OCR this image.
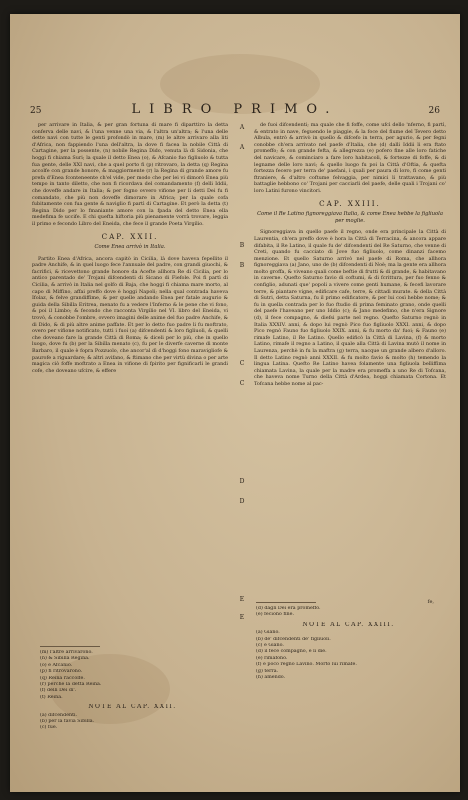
25	LIBRO PRIMO.	26

per arrivare in Italia, & per gran fortuna di mare fi diparttiro la detta conferva delle navi, & l'una venne una via, & l'altra un'altra; & l'una delle dette navi con tutte le genti profondò in mare, (m) le altre arrivaro alla liti d'Africa, non fappiendo l'una dell'altra, la dove fi facea la nobile Città di Cartagine, per la possente, (n) nobile Regina Dido, venuta là di Sidonia, che hoggi fi chiama Suri; la quale il detto Enea (o), & Afcanio fuo figliuolo & tutta fua gente, delle XXI navi, che a quel porto fi (p) ritrovaro, la detta (q) Regina accolfe con grande honore, & maggiormente (r) la Regina di grande amore fu prefa d'Enea fconteneente ch'el vide, per modo che per lei vi dimorò Enea più tempo in tanto diletto, che non fi ricordava del comandamento (f) delli Iddii, che doveffe andare in Italia; & per fogno ovvero vifione per li detti Dei fu fi comandato, che più non doveffe dimorare in Africa; per la quale cofa fubitamente con fua gente & naviglio fi partì di Cartagine. Et però la detta (t) Regina Dido per lo fmaniante amore con la fpada del detto Enea ella medefima fe uccife. E chi quefta hiftoria più pienamente vorrà trovare, leggia il primo e fecondo Libro del Eneida, che fece il grande Poeta Virgilio.

CAP. XXII.
Come Enea arrivò in Italia.

Partito Enea d'Africa, ancora capitò in Cicilia, là dove haveva fepellito il padre Anchife, & in quel luogo fece l'annuale del padre, con grandi giuochi, & facrifici, & ricevettono grande honore da Acefte allhora Re di Cicilia, per lo antico parentado de' Trojani difcendenti di Sicano di Fiefole. Poi fi partì di Cicilia, & arrivò in Italia nel golfo di Baja, che hoggi fi chiama mare morto, al capo di Miffino, affai preffo dove è hoggi Napoli; nella qual contrada haveva Ifolaz, & felve grandiffime, & per quelle andando Enea per fatale augurio & guida della Sibilla Eritrea, menato fu a vedere l'Inferno & le pene che vi fono, & poi il Limbo; & fecondo che racconta Virgilio nel VI. libro del Eneida, vi trovò, & conobbe l'ombre, ovvero imagini delle anime del fuo padre Anchife, & di Dido, & di più altre anime paffate. Et per lo detto fuo padre li fu moftrato, overo per vifione notificato, tutti i fuoi (a) difcendenti & loro figliuoli, & quelli che doveano fare la grande Città di Roma; & diceli per lo più, che in quello luogo, dove fu (b) per la Sibilla menato (c), fu per le diverfe caverne di monte Barbaro, il quale è fopra Pozzuolo, che ancor'al dì d'hoggi fono maravigliofe & paurofe a riguardare; & altri avifano, & ftimano che per virtù divina o per arte magica ciò foffe moftrato a Enea in vifione di fpirito per fignificarli le grandi cofe, che doveano ufcire, & effere

A
B
C
D
E
A
B
C
D
E

de fuoi difcendenti; ma quale che fi foffe, come ufcì dello 'nferno, fi partì, & entrato in nave, feguendo le piaggie, & la foce del fiume del Tevero detto Albula, entrò & arrivò in quello & difcefo in terra, per agurio, & per fegni conobbe ch'era arrivato nel paefe d'Italia, che (d) dalli Iddii li era ftato promeffo; & con grande fefta, & allegrezza (e) pofero fine alle loro fatiche del navicare, & cominciaro a fare loro habitacoli, & fortezze di foffe, & di legname delle loro navi; & quello luogo fu poi la Città d'Oftia, & quefta fortezza fecero per terra de' paefani, i quali per paura di loro, fi come genti ftraniere, & d'altro coftume felvaggia, per nimici li trattavano, & più battaglie hebbono co' Trojani per cacciarli del paefe, delle quali i Trojani co' loro Latini furono vincitori.

CAP. XXIII.
Come il Re Latino fignoreggiava Italia, & come Enea hebbe la figliuola per moglie.

Signoreggiava in quello paefe il regno, onde era principale la Città di Laurentia, ch'era preffo dove è hora la Città di Terracina, & ancora appare difabita, il Re Latino, il quale fu de' difcendenti del Re Saturno, che venne di Creti, quando fu cacciato di Jove fuo figliuolo, come dinanzi facemo menzione. Et quello Saturno arrivò nel paefe di Roma, che allhora fignoreggiava (a) Jano, uno de (b) difcendenti di Noè; ma la gente era allhora molto groffa, & viveano quali come beftie di frutti & di grande, & habitavano in caverne. Quefto Saturno favio di coftumi, & di fcrittura, per fuo fenno & configlio, adunati que' popoli a vivere come genti humane, & fecefi lavorare terre, & piantare vigne, edificare cafe, terre, & cittadi murate. & della Città di Sutri, detta Saturna, fu il primo edificatore, & per lui così hebbe nome; & fu in quella contrada per lo fuo ftudio di prima feminato grano, onde quelli del paefe l'haveano per uno Iddio (c); & Jano medefimo, che n'era Signore (d), il fece compagno, & diefsi parte nel regno. Quefto Saturno regnò in Italia XXXIV. anni, & dopo lui regnò Pico fuo figliuolo XXXI. anni, & dopo Pico regnò Fauno fuo figliuolo XXIX. anni, & fu morto da' fuoi; & Fauno (e) rimafe Latino, il Re Latino. Quello edificò la Città di Lavina, (f) & morto Latino, rimafe il regno a Latino, il quale alla Città di Lavina mutò il nome in Laurenza, perchè in fu la maftra (g) terra, nacque un grande albero d'alloro. Il detto Latino regnò anni XXXII. & fu molto favio & molto (h) temendo la lingua Latina. Quefto Re Latino havea folamente una figliuola belliffima chiamata Lavina, la quale per la madre era promeffa a uno Re di Tofcana, che haveva nome Turno della Città d'Ardea, hoggi chiamata Cortona. Et Tofcana hebbe nome al pac-

fe,
(m) l'altre arrivarono.
(n) & Sibilla Regina.
(o) e Afcanio.
(p) fi ritrovarono.
(q) Reina raccolfe.
(r) perchè la detta Reina.
(f) delli Dei di'.
(t) Reina.
NOTE AL CAP. XXII.
(a) difcendenti.
(b) per la favia Sibilla.
(c) fue.
(d) dagli Dei era promeffo.
(e) feciono fine.
NOTE AL CAP. XXIII.
(a) Giano.
(b) de' difcendenti de' figliuoli.
(c) e Giano.
(d) il fece compagno, e li diè.
(e) rimafono.
(f) e poco regnò Lavino. Morto lui rimafe.
(g) terra.
(h) amendò.
